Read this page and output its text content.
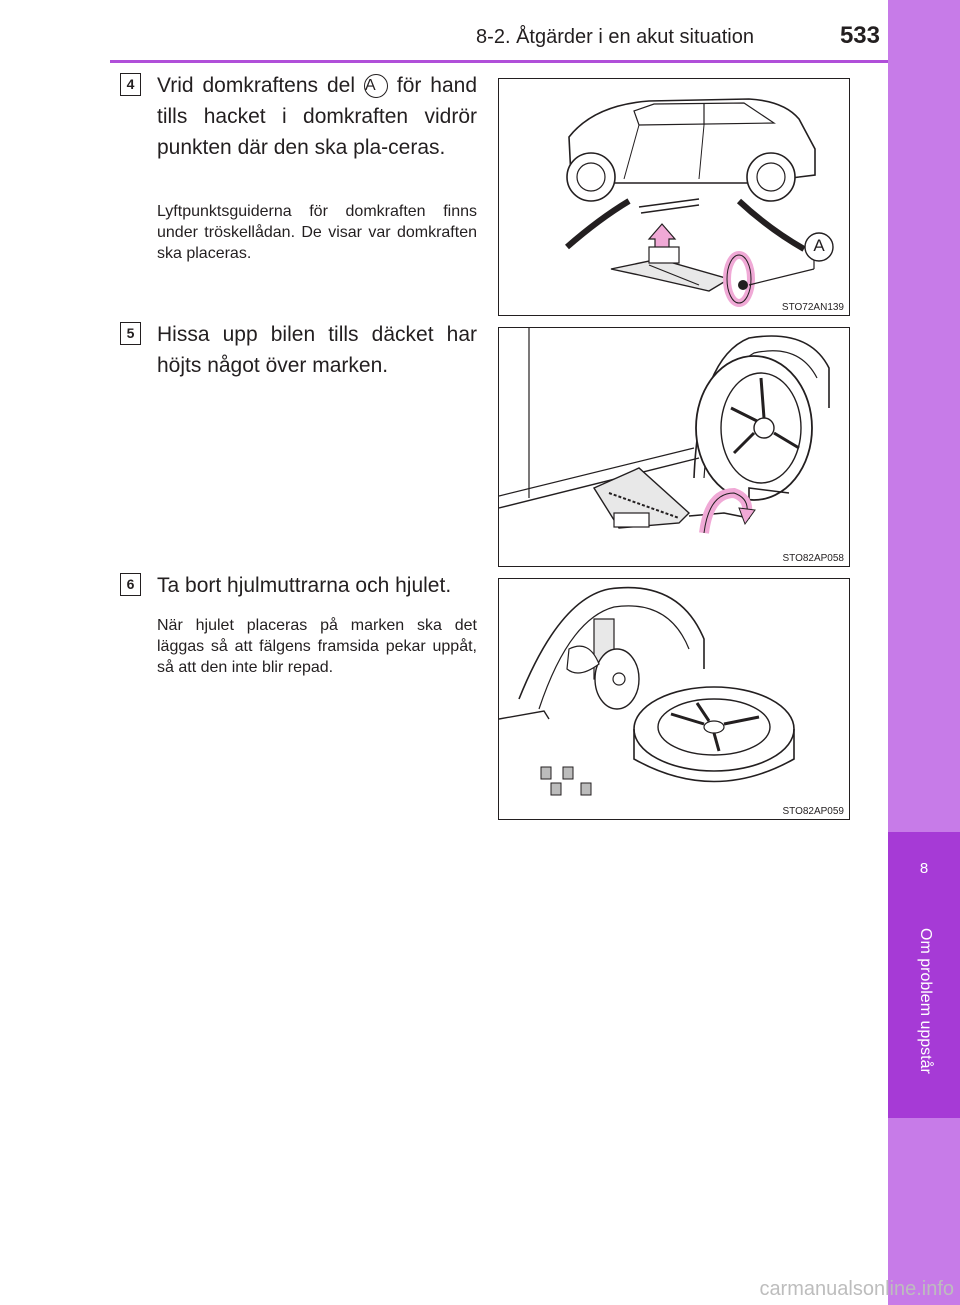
8-2. Åtgärder i en akut situation	533
8
Om problem uppstår
4	Vrid domkraftens del A för hand tills hacket i domkraften vidrör punkten där den ska pla-ceras.
Lyftpunktsguiderna för domkraften finns under tröskellådan. De visar var domkraften ska placeras.	A
STO72AN139
5	Hissa upp bilen tills däcket har höjts något över marken.
STO82AP058
6	Ta bort hjulmuttrarna och hjulet.
När hjulet placeras på marken ska det läggas så att fälgens framsida pekar uppåt, så att den inte blir repad.
STO82AP059
carmanualsonline.info
